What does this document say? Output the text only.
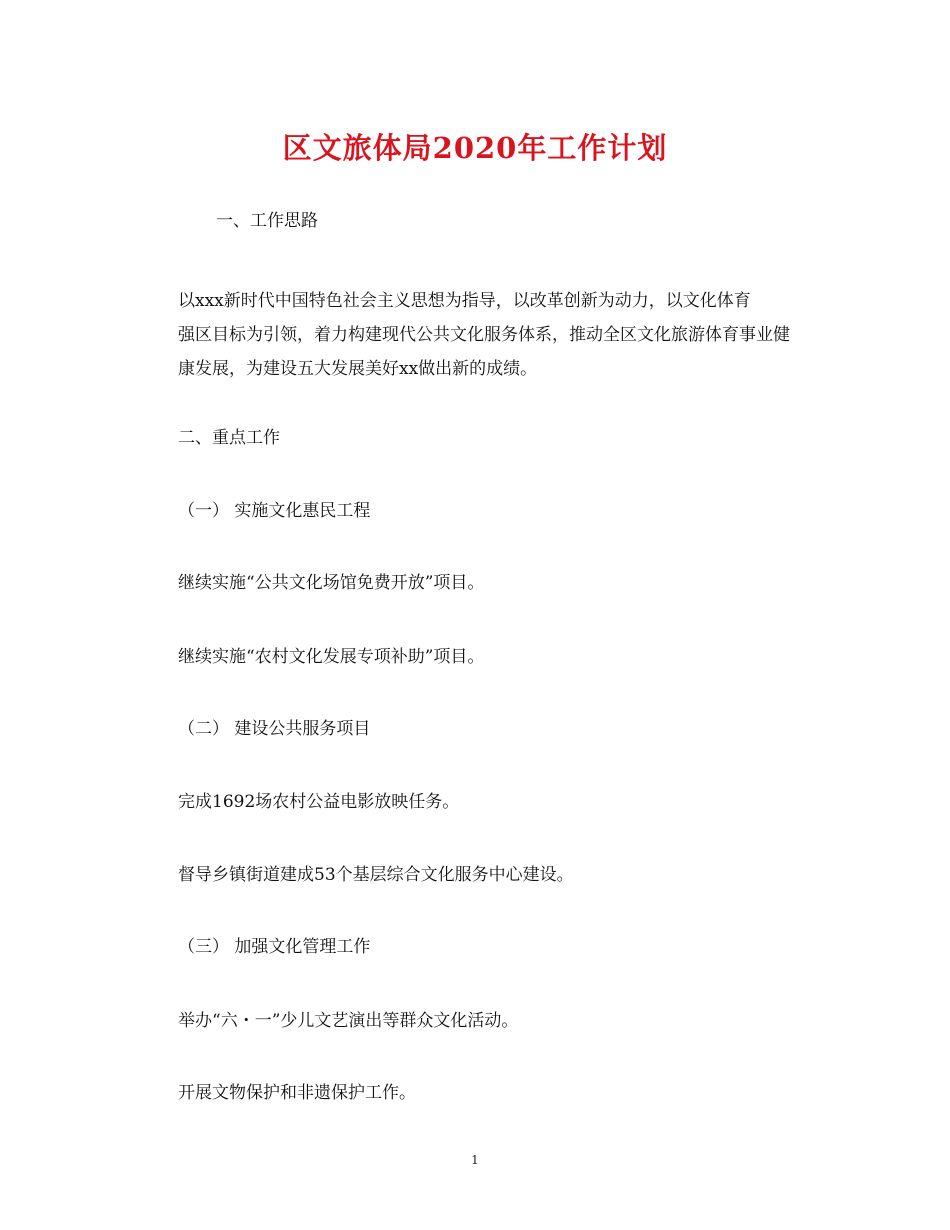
区文旅体局2020年工作计划
一、工作思路
以xxx新时代中国特色社会主义思想为指导，以改革创新为动力，以文化体育
强区目标为引领，着力构建现代公共文化服务体系，推动全区文化旅游体育事业健
康发展，为建设五大发展美好xx做出新的成绩。
二、重点工作
（一） 实施文化惠民工程
继续实施“公共文化场馆免费开放”项目。
继续实施“农村文化发展专项补助”项目。
（二） 建设公共服务项目
完成1692场农村公益电影放映任务。
督导乡镇街道建成53个基层综合文化服务中心建设。
（三） 加强文化管理工作
举办“六・一”少儿文艺演出等群众文化活动。
开展文物保护和非遗保护工作。
1
